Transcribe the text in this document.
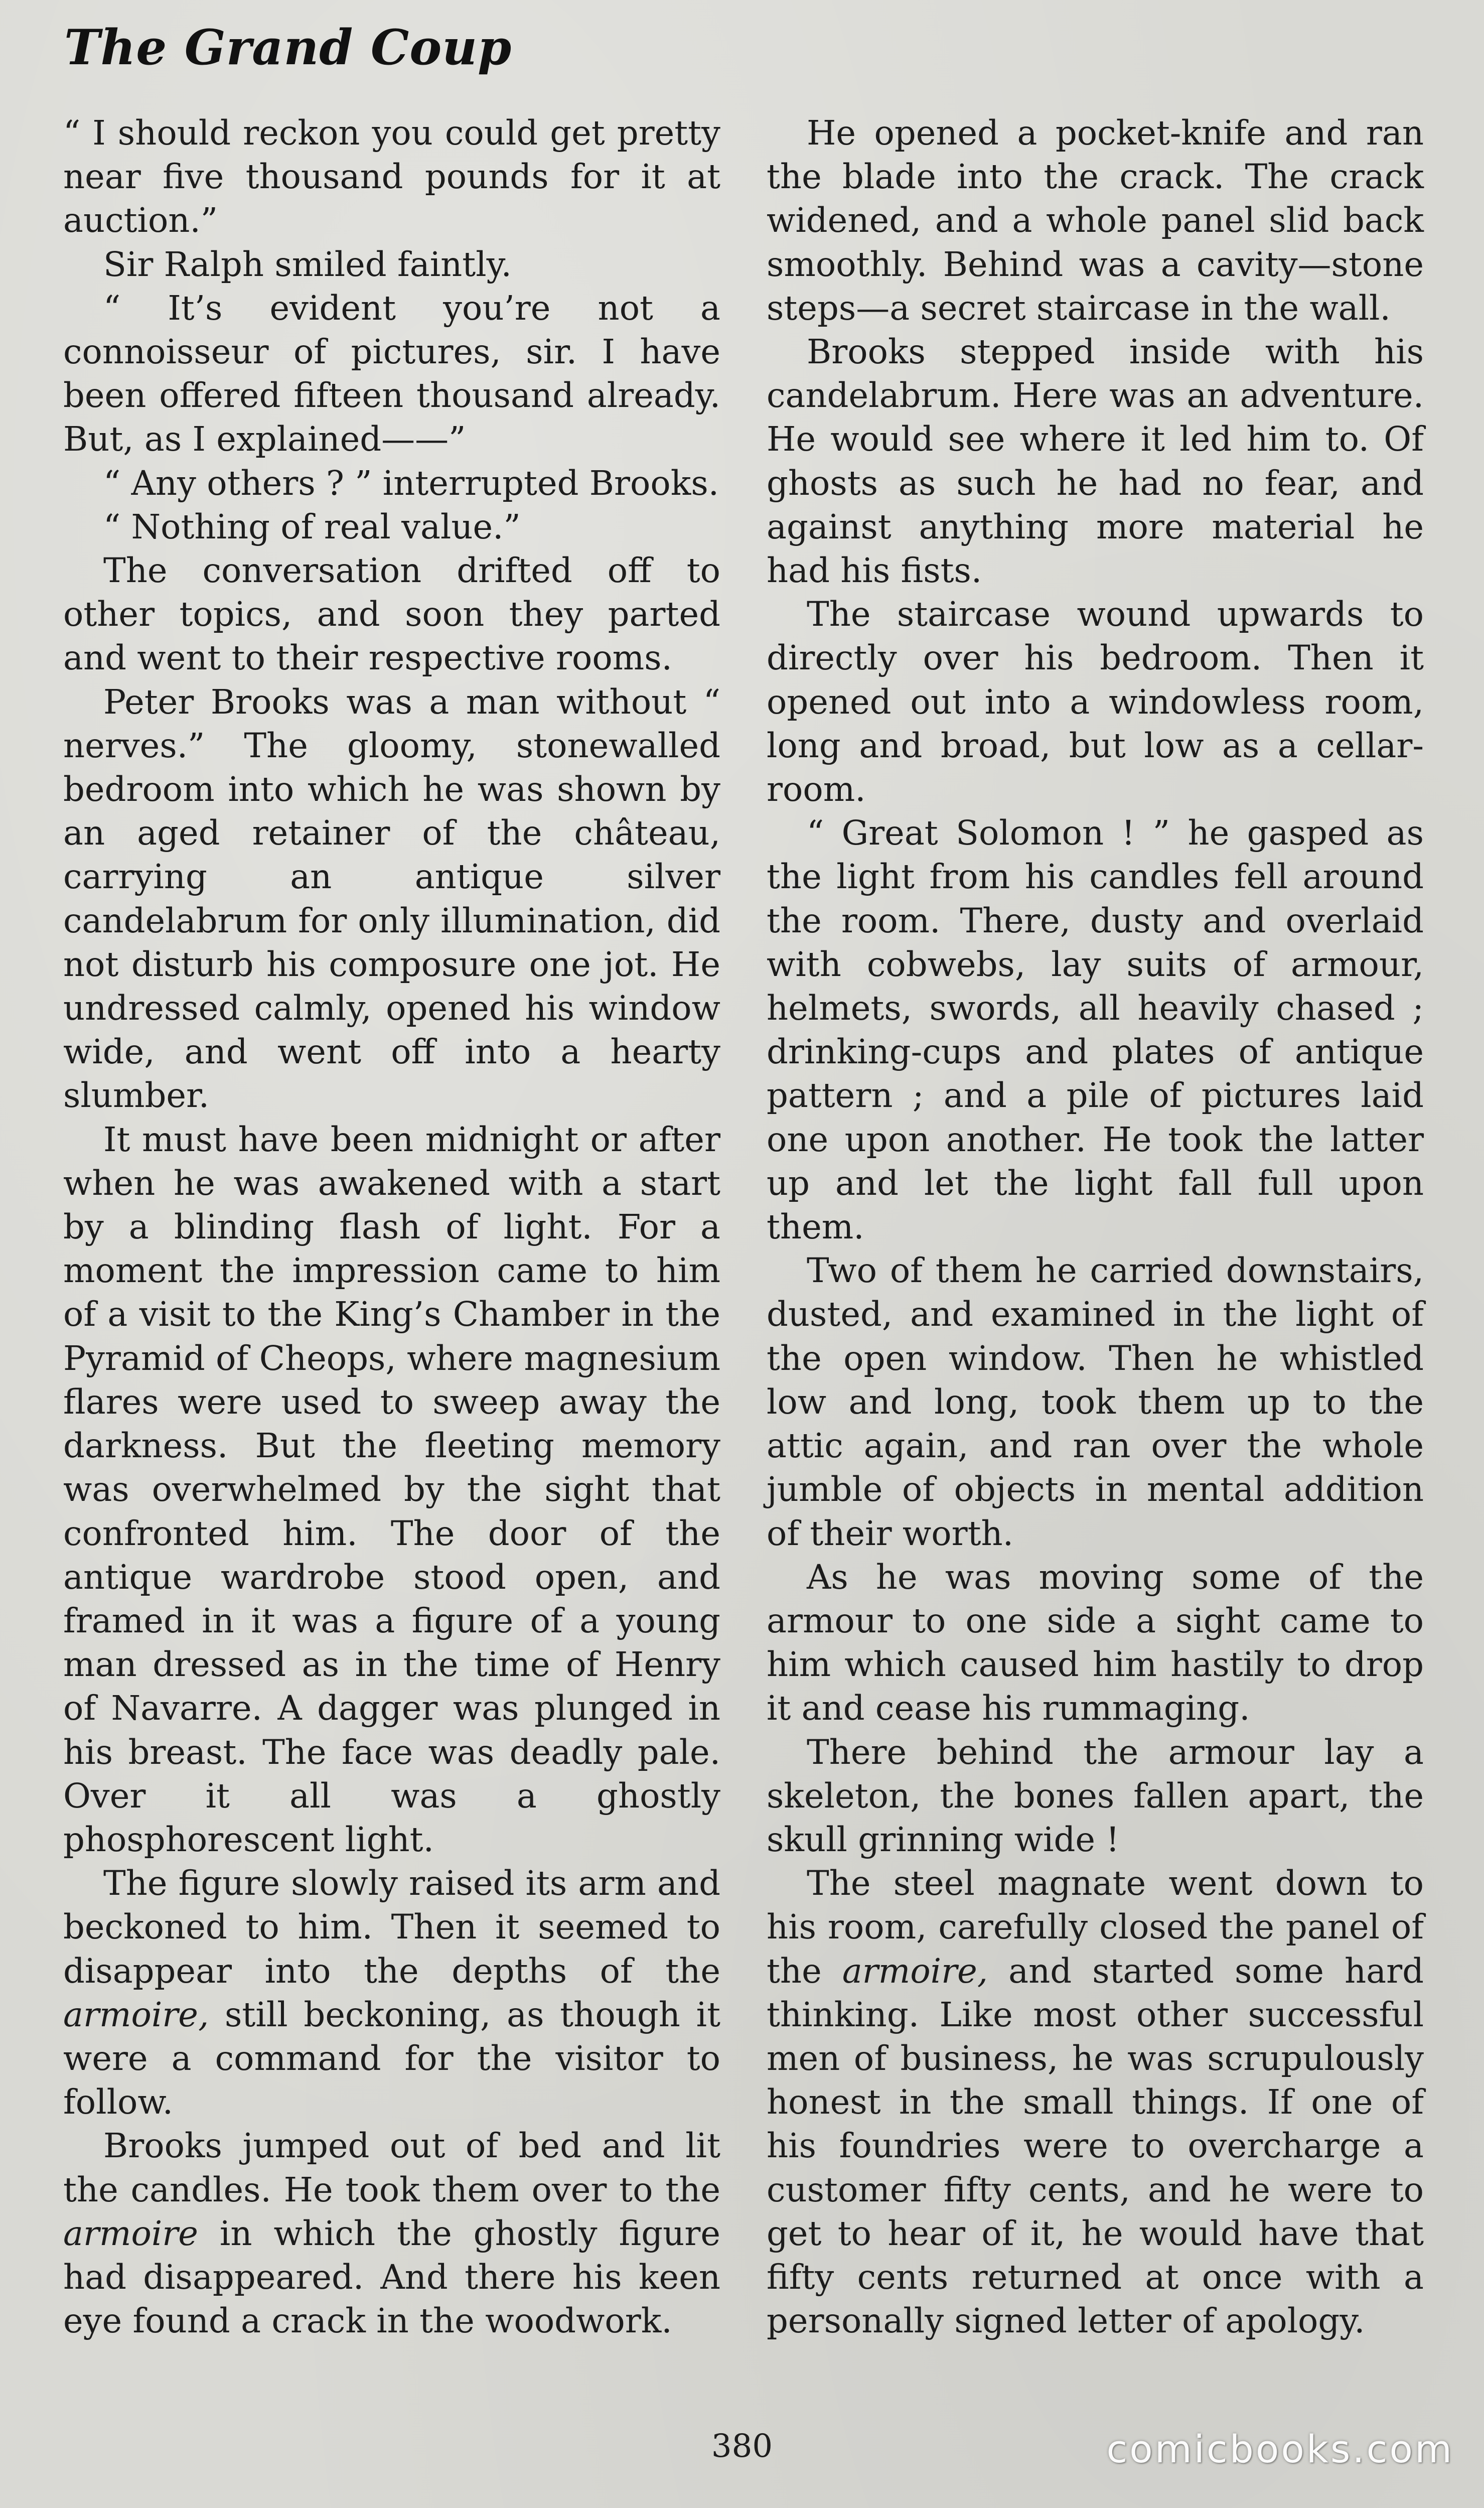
The Grand Coup

“ I should reckon you could get pretty near five thousand pounds for it at auction.”

Sir Ralph smiled faintly.

“ It’s evident you’re not a connoisseur of pictures, sir. I have been offered fifteen thousand already. But, as I explained——”

“ Any others ? ” interrupted Brooks.

“ Nothing of real value.”

The conversation drifted off to other topics, and soon they parted and went to their respective rooms.

Peter Brooks was a man without “ nerves.” The gloomy, stonewalled bedroom into which he was shown by an aged retainer of the château, carrying an antique silver candelabrum for only illumination, did not disturb his composure one jot. He undressed calmly, opened his window wide, and went off into a hearty slumber.

It must have been midnight or after when he was awakened with a start by a blinding flash of light. For a moment the impression came to him of a visit to the King’s Chamber in the Pyramid of Cheops, where magnesium flares were used to sweep away the darkness. But the fleeting memory was overwhelmed by the sight that confronted him. The door of the antique wardrobe stood open, and framed in it was a figure of a young man dressed as in the time of Henry of Navarre. A dagger was plunged in his breast. The face was deadly pale. Over it all was a ghostly phosphorescent light.

The figure slowly raised its arm and beckoned to him. Then it seemed to disappear into the depths of the armoire, still beckoning, as though it were a command for the visitor to follow.

Brooks jumped out of bed and lit the candles. He took them over to the armoire in which the ghostly figure had disappeared. And there his keen eye found a crack in the woodwork.

He opened a pocket-knife and ran the blade into the crack. The crack widened, and a whole panel slid back smoothly. Behind was a cavity—stone steps—a secret staircase in the wall.

Brooks stepped inside with his candelabrum. Here was an adventure. He would see where it led him to. Of ghosts as such he had no fear, and against anything more material he had his fists.

The staircase wound upwards to directly over his bedroom. Then it opened out into a windowless room, long and broad, but low as a cellar-room.

“ Great Solomon ! ” he gasped as the light from his candles fell around the room. There, dusty and overlaid with cobwebs, lay suits of armour, helmets, swords, all heavily chased ; drinking-cups and plates of antique pattern ; and a pile of pictures laid one upon another. He took the latter up and let the light fall full upon them.

Two of them he carried downstairs, dusted, and examined in the light of the open window. Then he whistled low and long, took them up to the attic again, and ran over the whole jumble of objects in mental addition of their worth.

As he was moving some of the armour to one side a sight came to him which caused him hastily to drop it and cease his rummaging.

There behind the armour lay a skeleton, the bones fallen apart, the skull grinning wide !

The steel magnate went down to his room, carefully closed the panel of the armoire, and started some hard thinking. Like most other successful men of business, he was scrupulously honest in the small things. If one of his foundries were to overcharge a customer fifty cents, and he were to get to hear of it, he would have that fifty cents returned at once with a personally signed letter of apology.

380	comicbooks.com
